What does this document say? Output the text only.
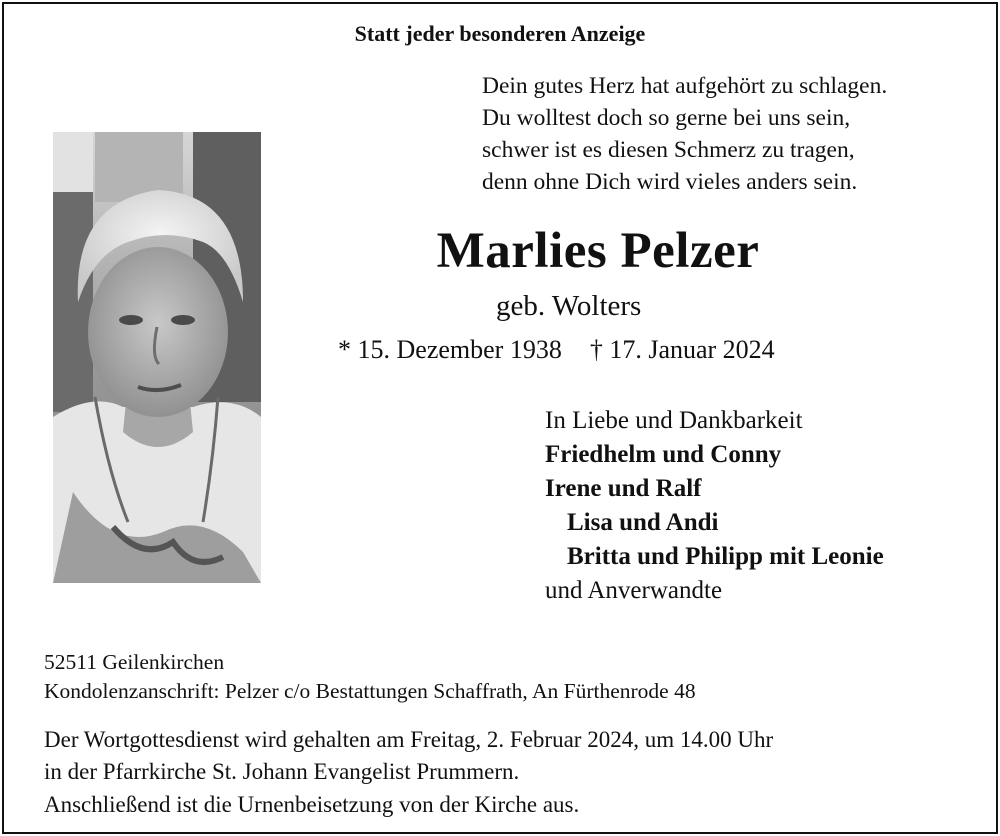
Statt jeder besonderen Anzeige
Dein gutes Herz hat aufgehört zu schlagen.
Du wolltest doch so gerne bei uns sein,
schwer ist es diesen Schmerz zu tragen,
denn ohne Dich wird vieles anders sein.
Marlies Pelzer
geb. Wolters
* 15. Dezember 1938 † 17. Januar 2024
In Liebe und Dankbarkeit
Friedhelm und Conny
Irene und Ralf
Lisa und Andi
Britta und Philipp mit Leonie
und Anverwandte
52511 Geilenkirchen
Kondolenzanschrift: Pelzer c/o Bestattungen Schaffrath, An Fürthenrode 48
Der Wortgottesdienst wird gehalten am Freitag, 2. Februar 2024, um 14.00 Uhr
in der Pfarrkirche St. Johann Evangelist Prummern.
Anschließend ist die Urnenbeisetzung von der Kirche aus.
